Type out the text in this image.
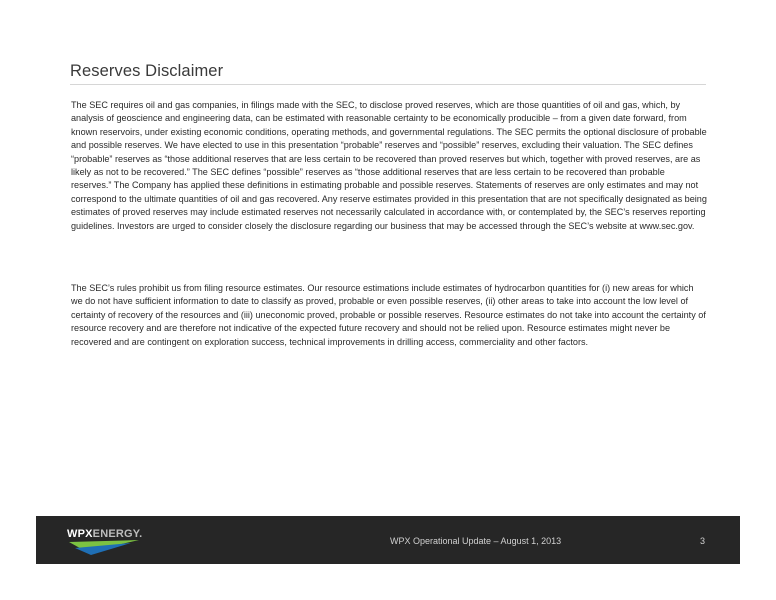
Reserves Disclaimer
The SEC requires oil and gas companies, in filings made with the SEC, to disclose proved reserves, which are those quantities of oil and gas, which, by analysis of geoscience and engineering data, can be estimated with reasonable certainty to be economically producible – from a given date forward, from known reservoirs, under existing economic conditions, operating methods, and governmental regulations. The SEC permits the optional disclosure of probable and possible reserves. We have elected to use in this presentation “probable” reserves and “possible” reserves, excluding their valuation. The SEC defines “probable” reserves as “those additional reserves that are less certain to be recovered than proved reserves but which, together with proved reserves, are as likely as not to be recovered.” The SEC defines “possible” reserves as “those additional reserves that are less certain to be recovered than probable reserves.” The Company has applied these definitions in estimating probable and possible reserves. Statements of reserves are only estimates and may not correspond to the ultimate quantities of oil and gas recovered. Any reserve estimates provided in this presentation that are not specifically designated as being estimates of proved reserves may include estimated reserves not necessarily calculated in accordance with, or contemplated by, the SEC’s reserves reporting guidelines. Investors are urged to consider closely the disclosure regarding our business that may be accessed through the SEC’s website at www.sec.gov.
The SEC’s rules prohibit us from filing resource estimates. Our resource estimations include estimates of hydrocarbon quantities for (i) new areas for which we do not have sufficient information to date to classify as proved, probable or even possible reserves, (ii) other areas to take into account the low level of certainty of recovery of the resources and (iii) uneconomic proved, probable or possible reserves. Resource estimates do not take into account the certainty of resource recovery and are therefore not indicative of the expected future recovery and should not be relied upon. Resource estimates might never be recovered and are contingent on exploration success, technical improvements in drilling access, commerciality and other factors.
WPXENERGY.
WPX Operational Update – August 1, 2013	3
